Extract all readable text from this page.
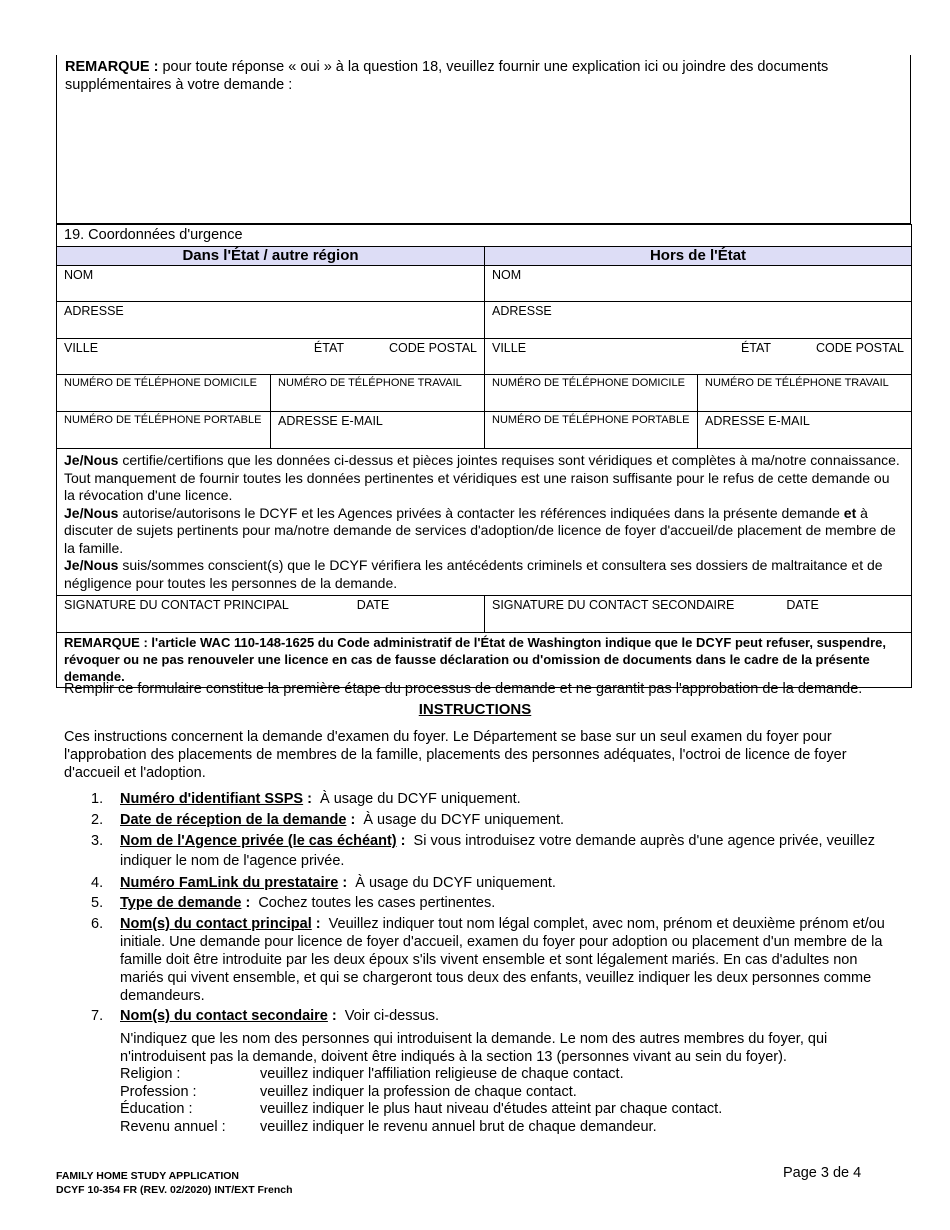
REMARQUE : pour toute réponse « oui » à la question 18, veuillez fournir une explication ici ou joindre des documents supplémentaires à votre demande :
19. Coordonnées d'urgence			
Dans l'État / autre région		Hors de l'État	
NOM		NOM	
ADRESSE		ADRESSE	

VILLE ÉTAT CODE POSTAL		VILLE ÉTAT CODE POSTAL	

NUMÉRO DE TÉLÉPHONE DOMICILE	NUMÉRO DE TÉLÉPHONE TRAVAIL	NUMÉRO DE TÉLÉPHONE DOMICILE	NUMÉRO DE TÉLÉPHONE TRAVAIL
NUMÉRO DE TÉLÉPHONE PORTABLE	ADRESSE E-MAIL	NUMÉRO DE TÉLÉPHONE PORTABLE	ADRESSE E-MAIL

Je/Nous certifie/certifions que les données ci-dessus et pièces jointes requises sont véridiques et complètes à ma/notre connaissance. Tout manquement de fournir toutes les données pertinentes et véridiques est une raison suffisante pour le refus de cette demande ou la révocation d'une licence.

Je/Nous autorise/autorisons le DCYF et les Agences privées à contacter les références indiquées dans la présente demande et à discuter de sujets pertinents pour ma/notre demande de services d'adoption/de licence de foyer d'accueil/de placement de membre de la famille.

Je/Nous suis/sommes conscient(s) que le DCYF vérifiera les antécédents criminels et consultera ses dossiers de maltraitance et de négligence pour toutes les personnes de la demande.			

SIGNATURE DU CONTACT PRINCIPAL DATE		SIGNATURE DU CONTACT SECONDAIRE DATE	

REMARQUE : l'article WAC 110-148-1625 du Code administratif de l'État de Washington indique que le DCYF peut refuser, suspendre, révoquer ou ne pas renouveler une licence en cas de fausse déclaration ou d'omission de documents dans le cadre de la présente demande.			
Remplir ce formulaire constitue la première étape du processus de demande et ne garantit pas l'approbation de la demande.
INSTRUCTIONS
Ces instructions concernent la demande d'examen du foyer. Le Département se base sur un seul examen du foyer pour l'approbation des placements de membres de la famille, placements des personnes adéquates, l'octroi de licence de foyer d'accueil et l'adoption.
1. Numéro d'identifiant SSPS : À usage du DCYF uniquement.
2. Date de réception de la demande : À usage du DCYF uniquement.
3. Nom de l'Agence privée (le cas échéant) : Si vous introduisez votre demande auprès d'une agence privée, veuillez indiquer le nom de l'agence privée.
4. Numéro FamLink du prestataire : À usage du DCYF uniquement.
5. Type de demande : Cochez toutes les cases pertinentes.
6. Nom(s) du contact principal : Veuillez indiquer tout nom légal complet, avec nom, prénom et deuxième prénom et/ou initiale. Une demande pour licence de foyer d'accueil, examen du foyer pour adoption ou placement d'un membre de la famille doit être introduite par les deux époux s'ils vivent ensemble et sont légalement mariés. En cas d'adultes non mariés qui vivent ensemble, et qui se chargeront tous deux des enfants, veuillez indiquer les deux personnes comme demandeurs.
7. Nom(s) du contact secondaire : Voir ci-dessus.
N'indiquez que les nom des personnes qui introduisent la demande. Le nom des autres membres du foyer, qui n'introduisent pas la demande, doivent être indiqués à la section 13 (personnes vivant au sein du foyer).
Religion :	veuillez indiquer l'affiliation religieuse de chaque contact.
Profession :	veuillez indiquer la profession de chaque contact.
Éducation :	veuillez indiquer le plus haut niveau d'études atteint par chaque contact.
Revenu annuel :	veuillez indiquer le revenu annuel brut de chaque demandeur.
FAMILY HOME STUDY APPLICATION
DCYF 10-354 FR (REV. 02/2020) INT/EXT French
Page 3 de 4
